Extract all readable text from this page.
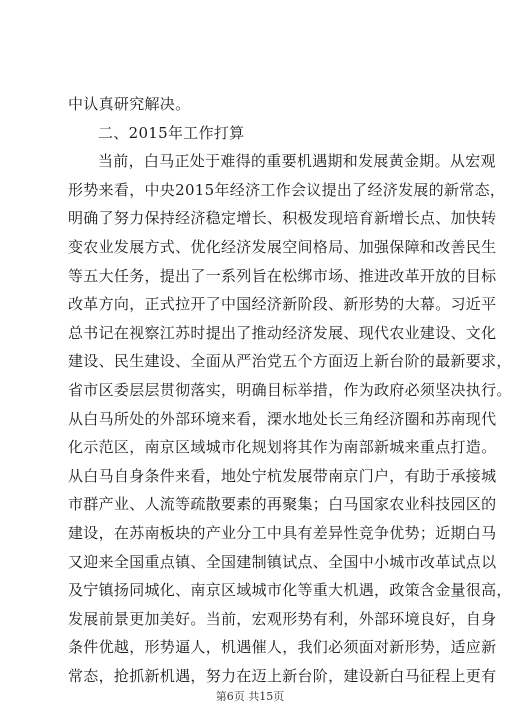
中认真研究解决。
二、2015年工作打算
当前，白马正处于难得的重要机遇期和发展黄金期。从宏观
形势来看，中央2015年经济工作会议提出了经济发展的新常态，
明确了努力保持经济稳定增长、积极发现培育新增长点、加快转
变农业发展方式、优化经济发展空间格局、加强保障和改善民生
等五大任务，提出了一系列旨在松绑市场、推进改革开放的目标
改革方向，正式拉开了中国经济新阶段、新形势的大幕。习近平
总书记在视察江苏时提出了推动经济发展、现代农业建设、文化
建设、民生建设、全面从严治党五个方面迈上新台阶的最新要求，
省市区委层层贯彻落实，明确目标举措，作为政府必须坚决执行。
从白马所处的外部环境来看，溧水地处长三角经济圈和苏南现代
化示范区，南京区域城市化规划将其作为南部新城来重点打造。
从白马自身条件来看，地处宁杭发展带南京门户，有助于承接城
市群产业、人流等疏散要素的再聚集；白马国家农业科技园区的
建设，在苏南板块的产业分工中具有差异性竞争优势；近期白马
又迎来全国重点镇、全国建制镇试点、全国中小城市改革试点以
及宁镇扬同城化、南京区域城市化等重大机遇，政策含金量很高，
发展前景更加美好。当前，宏观形势有利，外部环境良好，自身
条件优越，形势逼人，机遇催人，我们必须面对新形势，适应新
常态，抢抓新机遇，努力在迈上新台阶，建设新白马征程上更有
第6页 共15页
